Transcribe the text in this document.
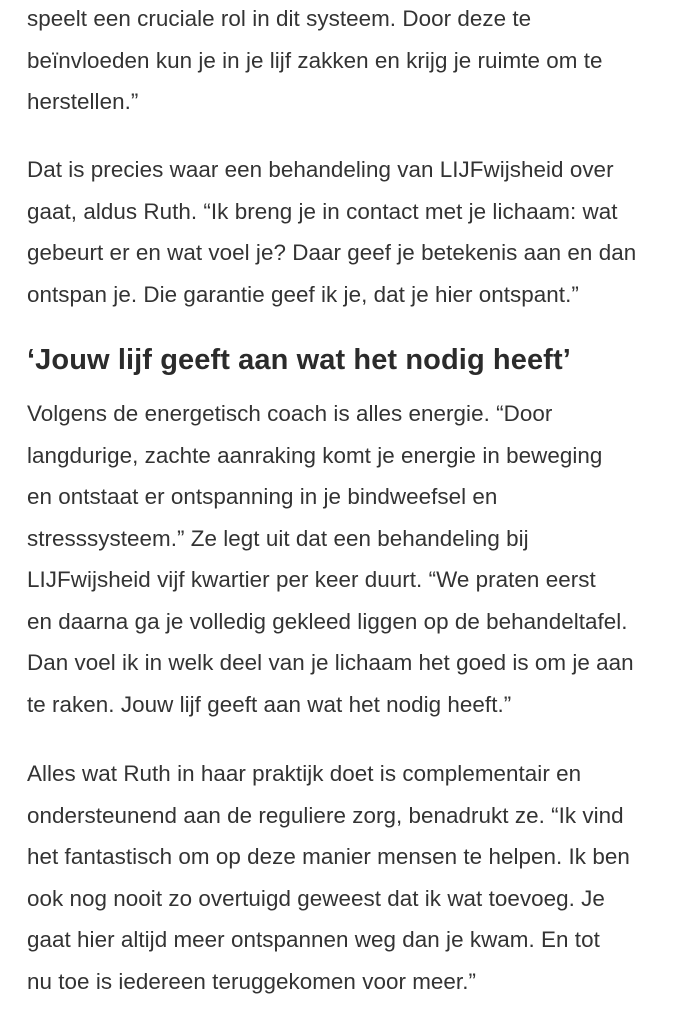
speelt een cruciale rol in dit systeem. Door deze te
beïnvloeden kun je in je lijf zakken en krijg je ruimte om te
herstellen.”

Dat is precies waar een behandeling van LIJFwijsheid over
gaat, aldus Ruth. “Ik breng je in contact met je lichaam: wat
gebeurt er en wat voel je? Daar geef je betekenis aan en dan
ontspan je. Die garantie geef ik je, dat je hier ontspant.”

‘Jouw lijf geeft aan wat het nodig heeft’

Volgens de energetisch coach is alles energie. “Door
langdurige, zachte aanraking komt je energie in beweging
en ontstaat er ontspanning in je bindweefsel en
stresssysteem.” Ze legt uit dat een behandeling bij
LIJFwijsheid vijf kwartier per keer duurt. “We praten eerst
en daarna ga je volledig gekleed liggen op de behandeltafel.
Dan voel ik in welk deel van je lichaam het goed is om je aan
te raken. Jouw lijf geeft aan wat het nodig heeft.”

Alles wat Ruth in haar praktijk doet is complementair en
ondersteunend aan de reguliere zorg, benadrukt ze. “Ik vind
het fantastisch om op deze manier mensen te helpen. Ik ben
ook nog nooit zo overtuigd geweest dat ik wat toevoeg. Je
gaat hier altijd meer ontspannen weg dan je kwam. En tot
nu toe is iedereen teruggekomen voor meer.”
